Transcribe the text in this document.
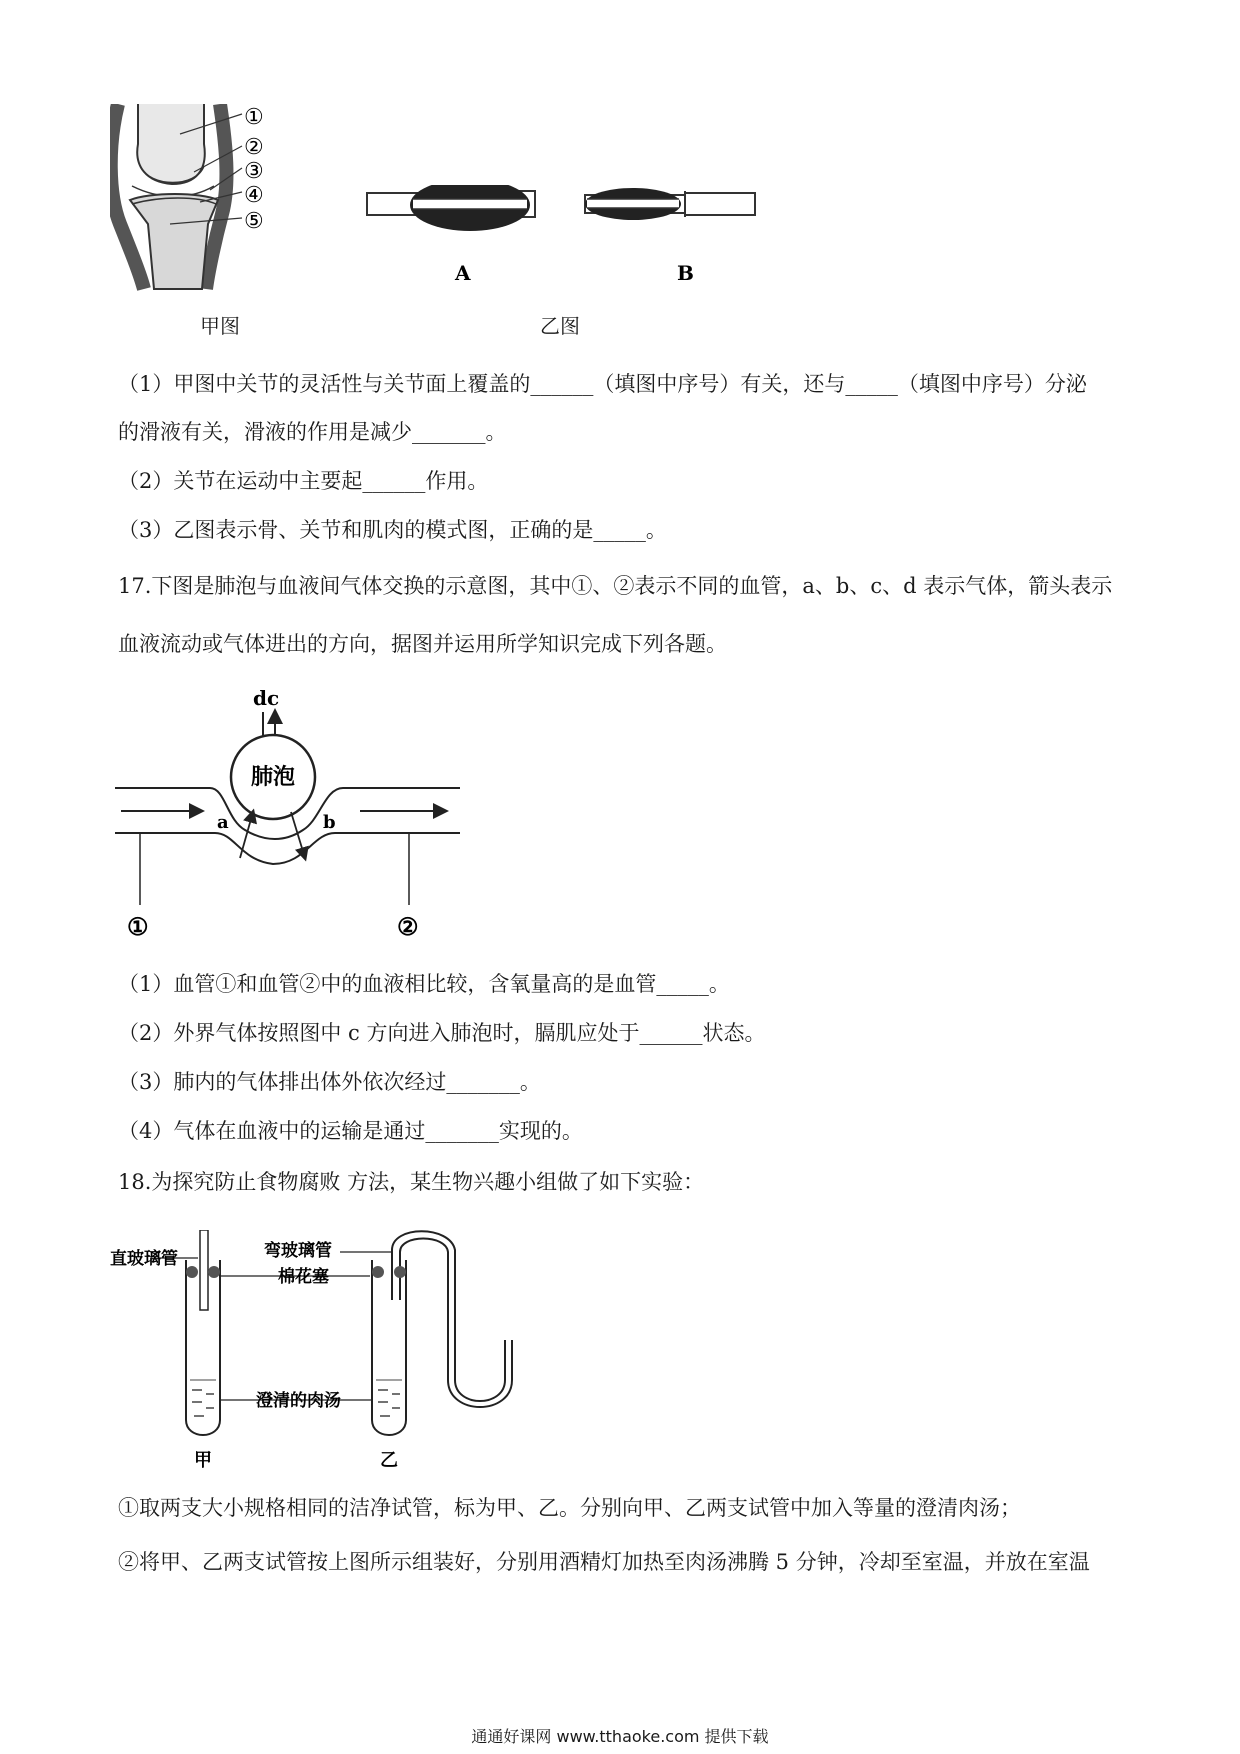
①
②
③
④
⑤
甲图
A	B
乙图
（1）甲图中关节的灵活性与关节面上覆盖的______（填图中序号）有关，还与_____（填图中序号）分泌
的滑液有关，滑液的作用是减少_______。
（2）关节在运动中主要起______作用。
（3）乙图表示骨、关节和肌肉的模式图，正确的是_____。
17.下图是肺泡与血液间气体交换的示意图，其中①、②表示不同的血管，a、b、c、d 表示气体，箭头表示
血液流动或气体进出的方向，据图并运用所学知识完成下列各题。
dc
肺泡
a	b
①	②
（1）血管①和血管②中的血液相比较，含氧量高的是血管_____。
（2）外界气体按照图中 c 方向进入肺泡时，膈肌应处于______状态。
（3）肺内的气体排出体外依次经过_______。
（4）气体在血液中的运输是通过_______实现的。
18.为探究防止食物腐败 方法，某生物兴趣小组做了如下实验：
直玻璃管	弯玻璃管
棉花塞
澄清的肉汤
甲	乙
①取两支大小规格相同的洁净试管，标为甲、乙。分别向甲、乙两支试管中加入等量的澄清肉汤；
②将甲、乙两支试管按上图所示组装好，分别用酒精灯加热至肉汤沸腾 5 分钟，冷却至室温，并放在室温
通通好课网 www.tthaoke.com 提供下载
